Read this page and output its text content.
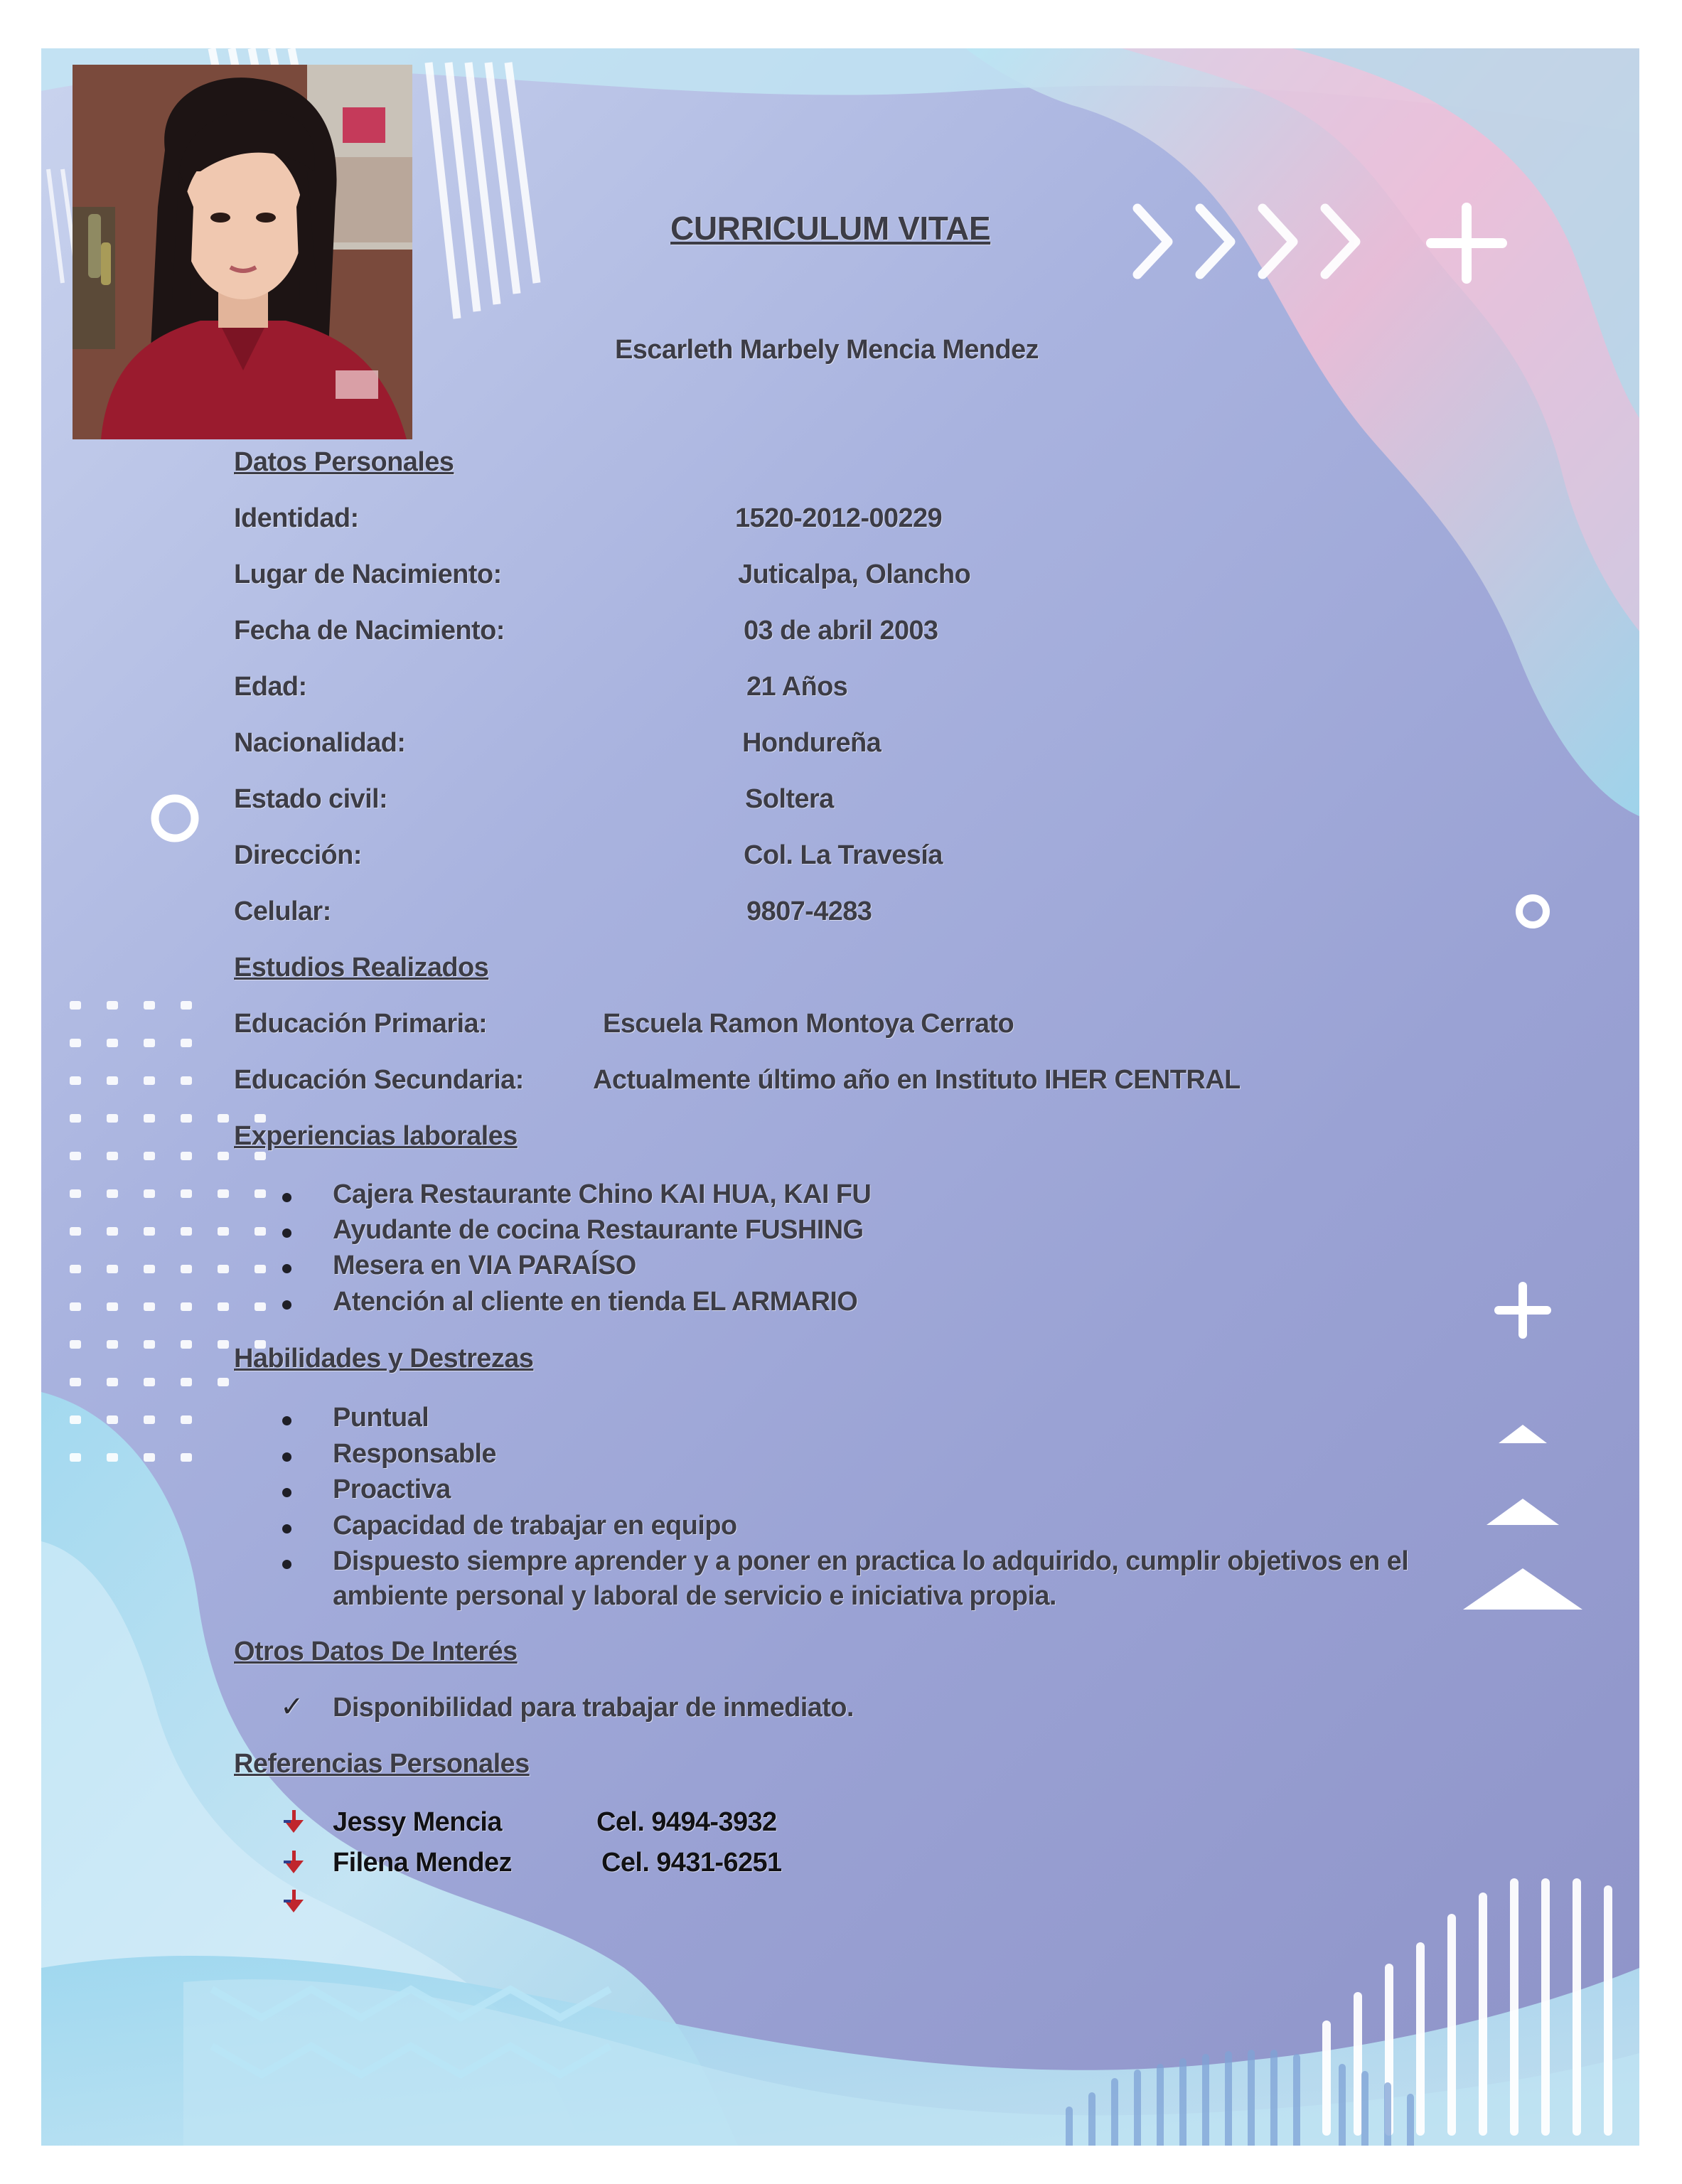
CURRICULUM VITAE
Escarleth Marbely Mencia Mendez
Datos Personales
Identidad:	1520-2012-00229
Lugar de Nacimiento:	Juticalpa, Olancho
Fecha de Nacimiento:	03 de abril 2003
Edad:	21 Años
Nacionalidad:	Hondureña
Estado civil:	Soltera
Dirección:	Col. La Travesía
Celular:	9807-4283
Estudios Realizados
Educación Primaria:	Escuela Ramon Montoya Cerrato
Educación Secundaria:	Actualmente último año en Instituto IHER CENTRAL
Experiencias laborales
Cajera Restaurante Chino KAI HUA, KAI FU
Ayudante de cocina Restaurante FUSHING
Mesera en VIA PARAÍSO
Atención al cliente en tienda EL ARMARIO
Habilidades y Destrezas
Puntual
Responsable
Proactiva
Capacidad de trabajar en equipo
Dispuesto siempre aprender y a poner en practica lo adquirido, cumplir objetivos en el
ambiente personal y laboral de servicio e iniciativa propia.
Otros Datos De Interés
✓ Disponibilidad para trabajar de inmediato.
Referencias Personales
Jessy Mencia	Cel. 9494-3932
Filena Mendez	Cel. 9431-6251
